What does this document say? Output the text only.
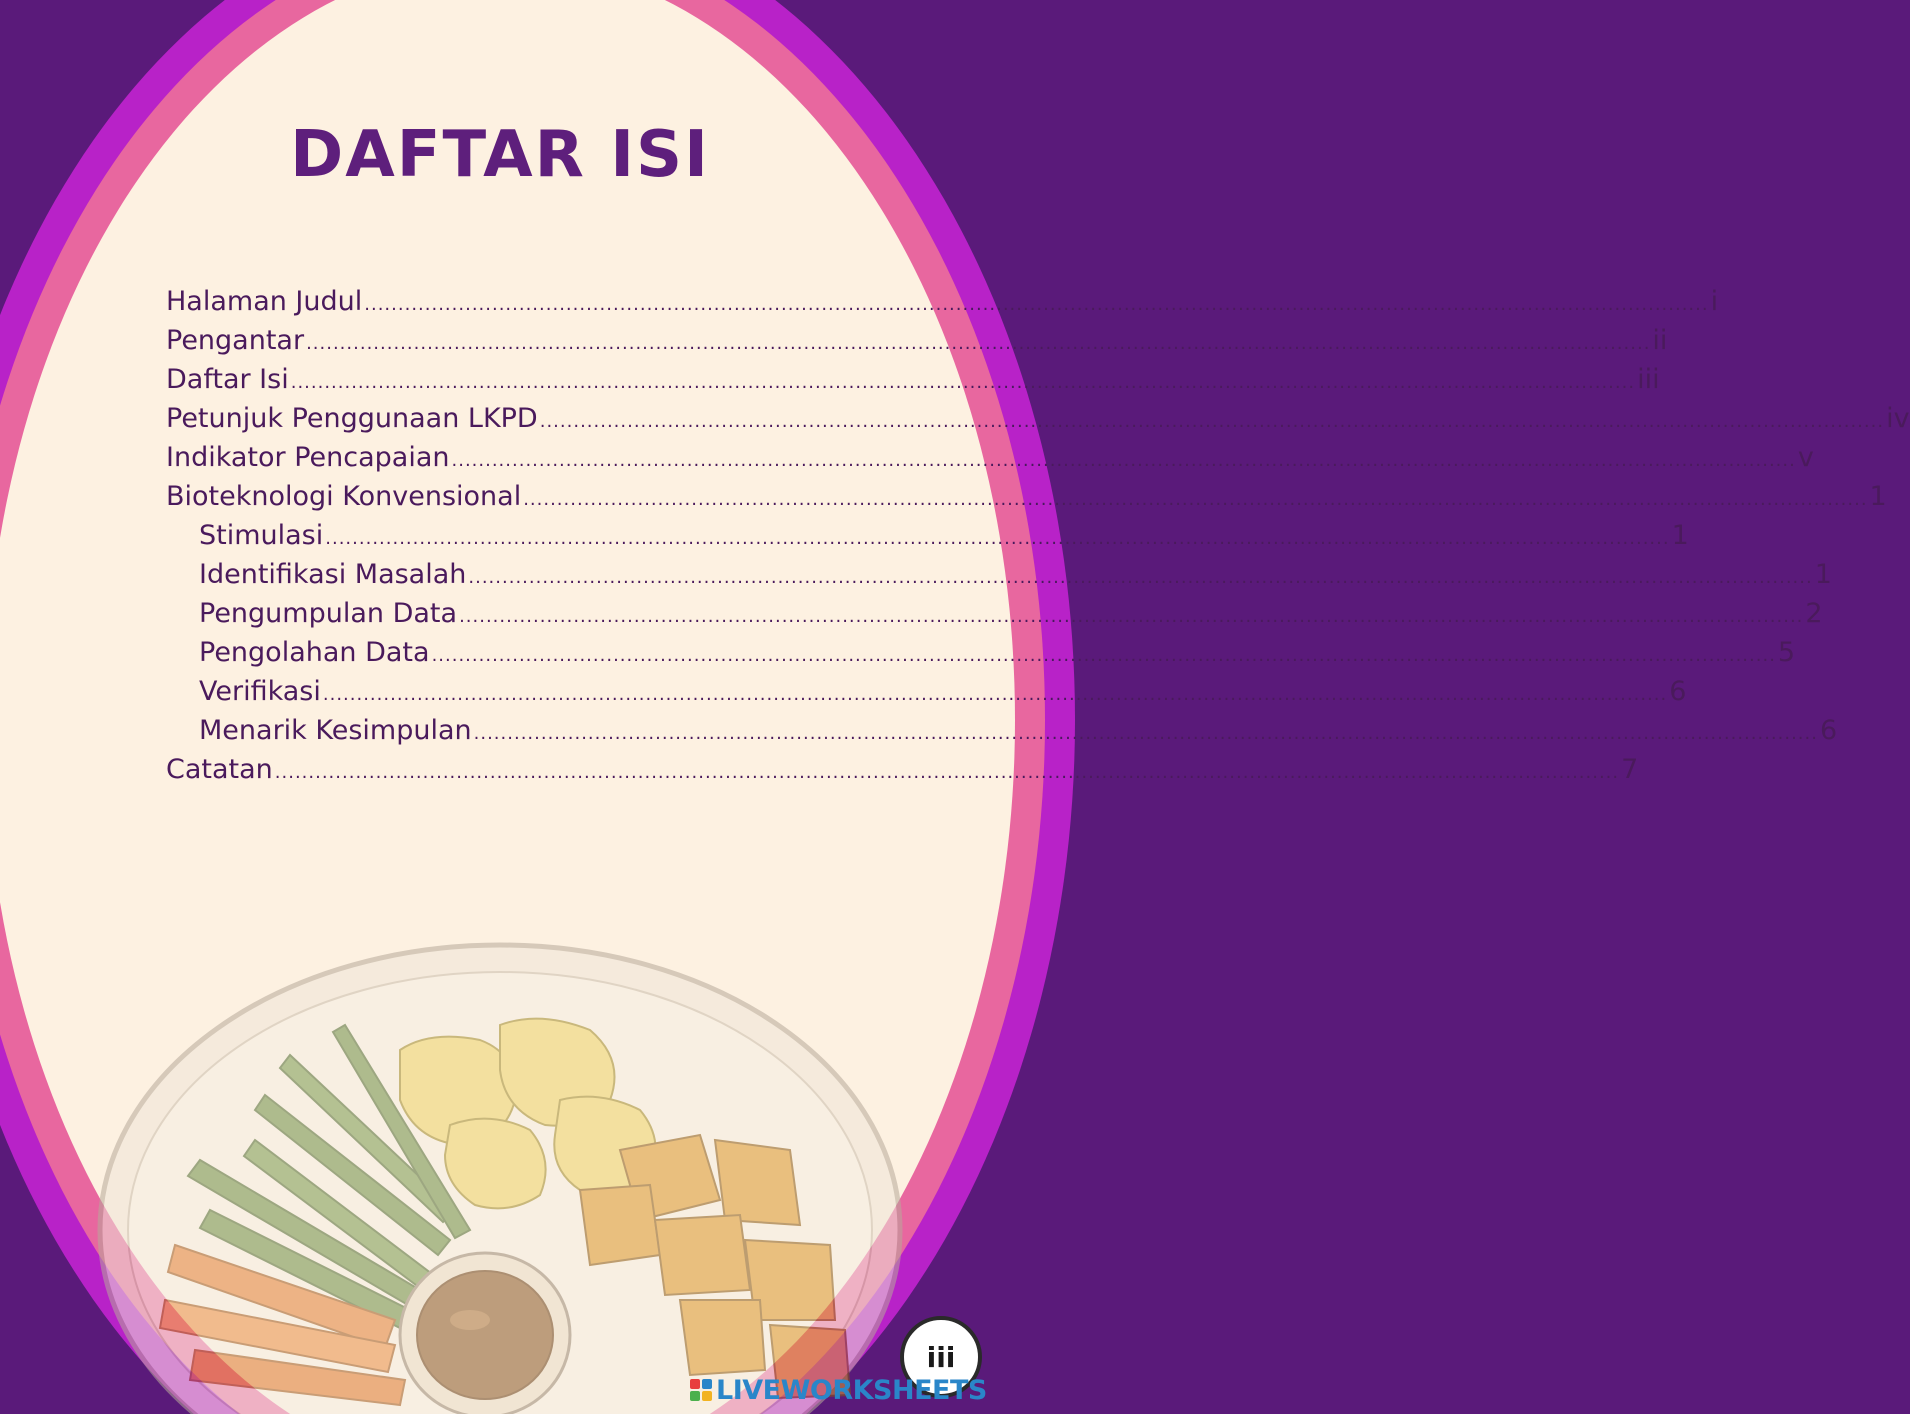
DAFTAR ISI
Halaman Judul ........................................................................................................................................................................................................ i
Pengantar ........................................................................................................................................................................................................ ii
Daftar Isi ........................................................................................................................................................................................................ iii
Petunjuk Penggunaan LKPD ........................................................................................................................................................................................................ iv
Indikator Pencapaian ........................................................................................................................................................................................................ v
Bioteknologi Konvensional ........................................................................................................................................................................................................ 1
Stimulasi ........................................................................................................................................................................................................ 1
Identifikasi Masalah ........................................................................................................................................................................................................ 1
Pengumpulan Data ........................................................................................................................................................................................................ 2
Pengolahan Data ........................................................................................................................................................................................................ 5
Verifikasi ........................................................................................................................................................................................................ 6
Menarik Kesimpulan ........................................................................................................................................................................................................ 6
Catatan ........................................................................................................................................................................................................ 7
iii
LIVEWORKSHEETS
